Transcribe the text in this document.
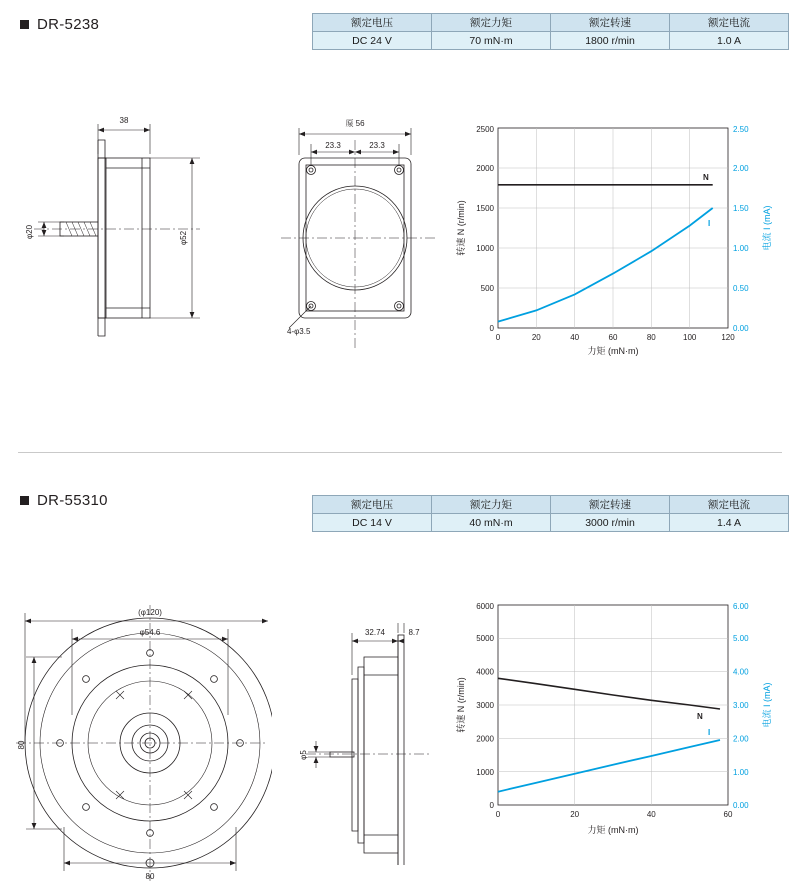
DR-5238	额定电压	额定力矩	额定转速	额定电流
DC 24 V	70 mN·m	1800 r/min	1.0 A
38
φ20	φ52
厡 56
23.3	23.3
4-φ3.5	0
500
1000
1500
2000
2500
0.00
0.50
1.00
1.50
2.00
2.50
0	20	40	60	80	100	120
力矩 (mN·m)
转速 N (r/min)	电流 I (mA)
N
I
DR-55310	额定电压	额定力矩	额定转速	额定电流
DC 14 V	40 mN·m	3000 r/min	1.4 A
(φ120)
φ54.6
80
80
32.74	8.7
φ5
0
1000
2000
3000
4000
5000
6000
0.00
1.00
2.00
3.00
4.00
5.00
6.00
0	20	40	60
力矩 (mN·m)
转速 N (r/min)	电流 I (mA)
N
I
